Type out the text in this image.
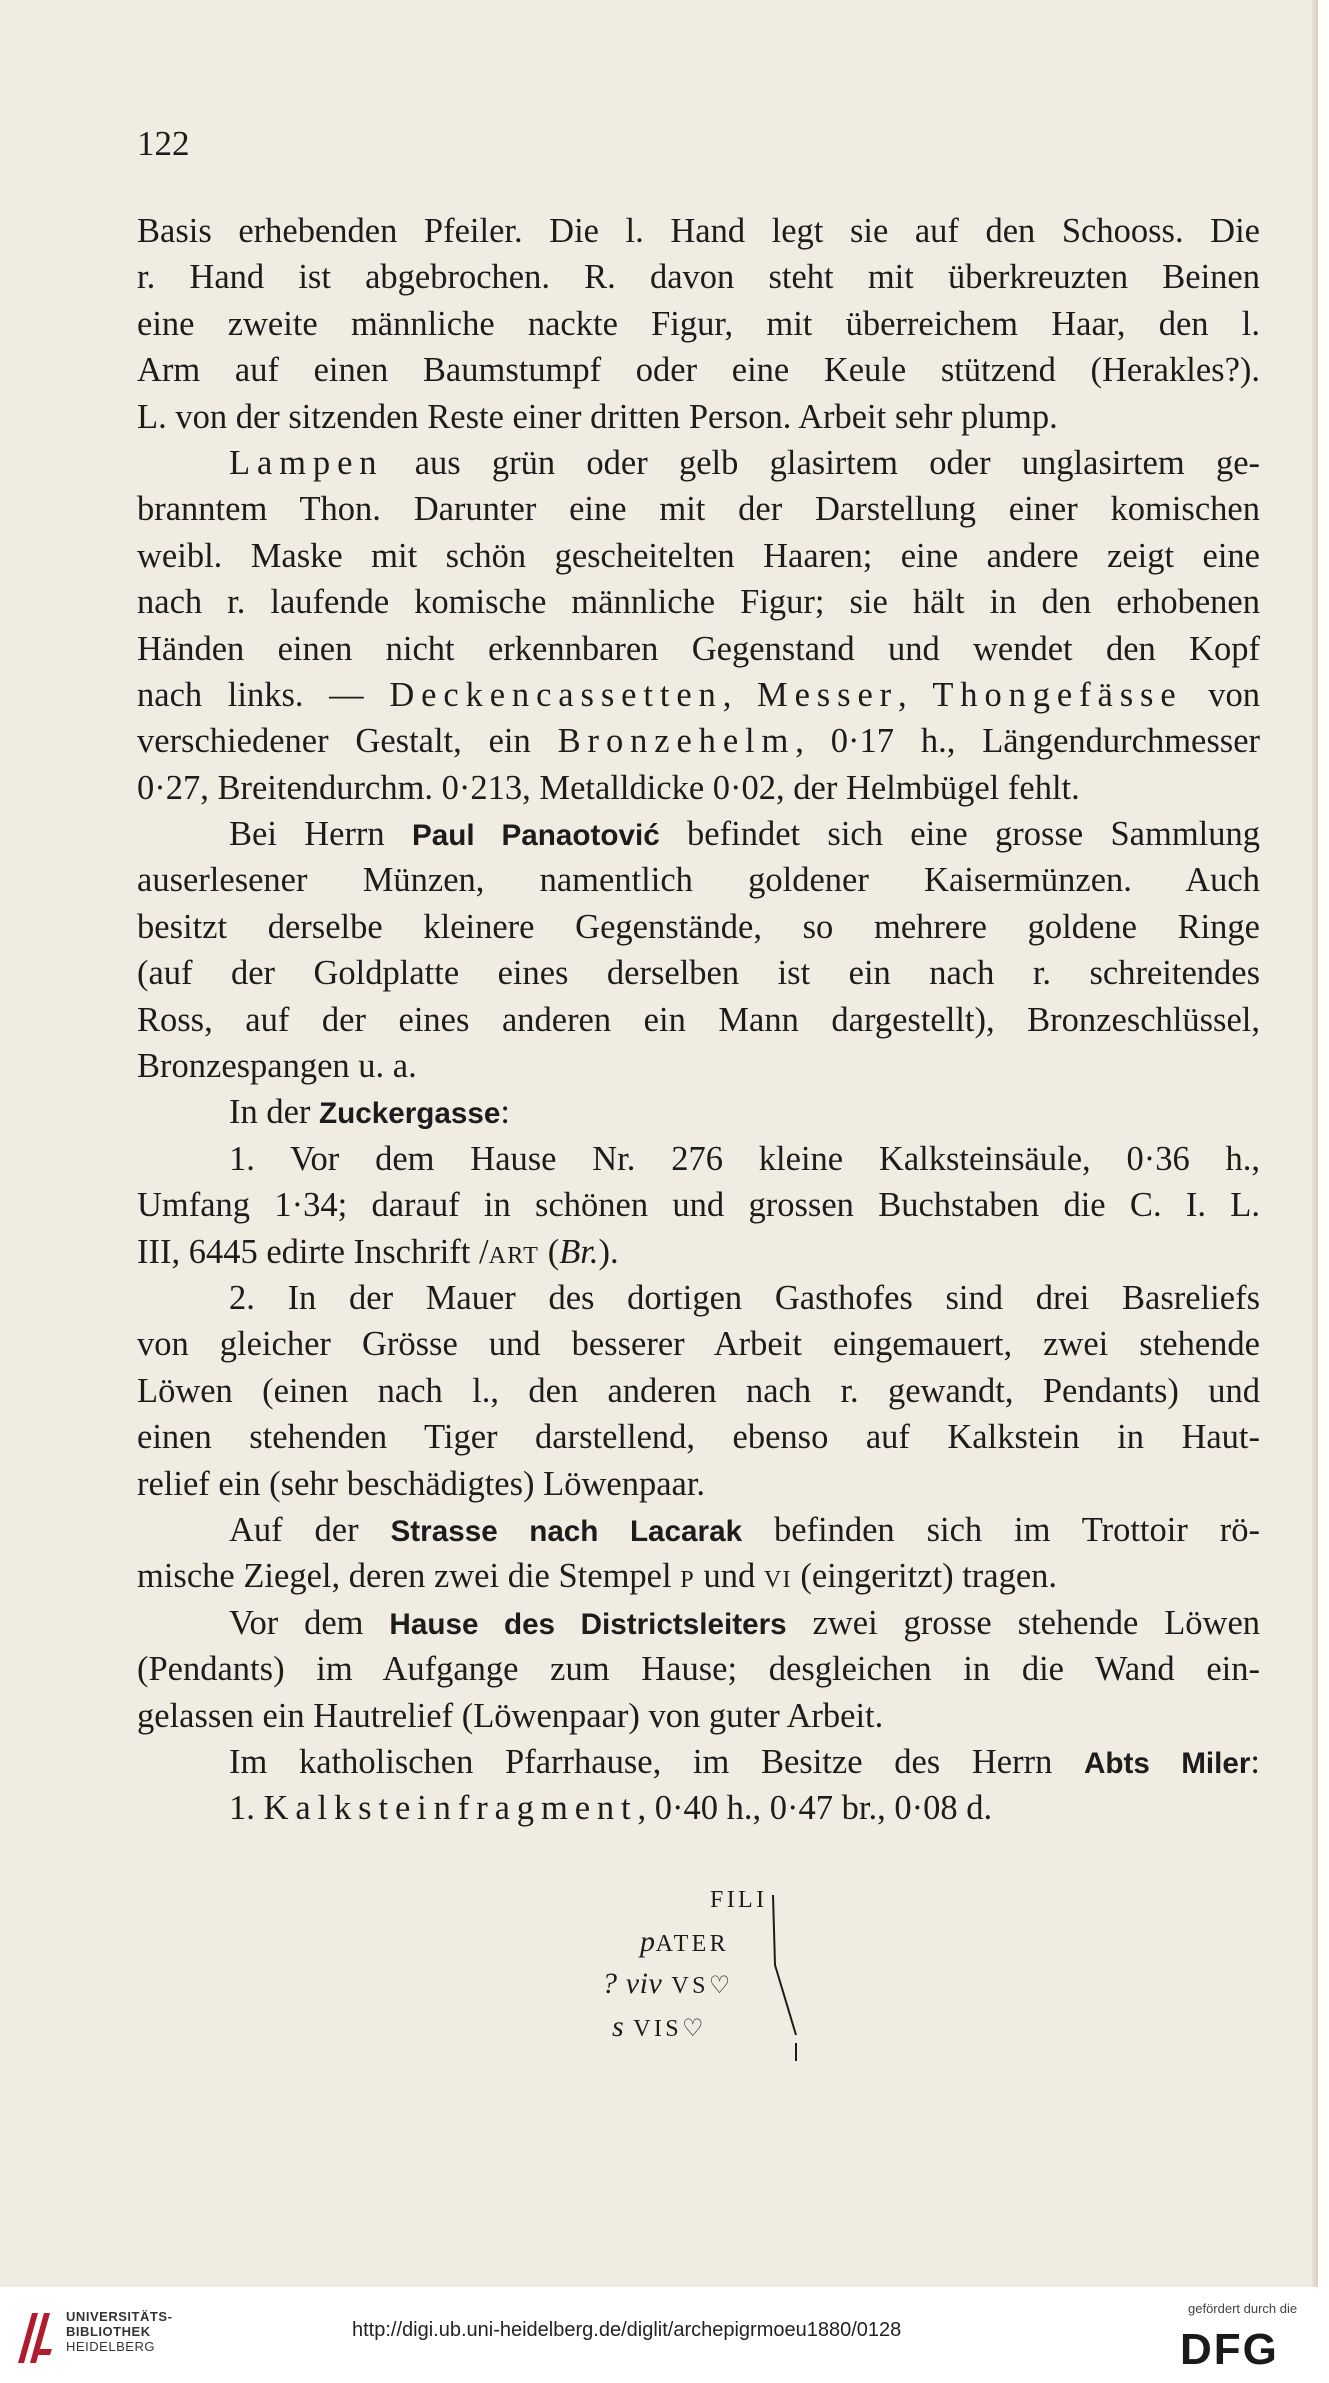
122
Basis erhebenden Pfeiler. Die l. Hand legt sie auf den Schooss. Die
r. Hand ist abgebrochen. R. davon steht mit überkreuzten Beinen
eine zweite männliche nackte Figur, mit überreichem Haar, den l.
Arm auf einen Baumstumpf oder eine Keule stützend (Herakles?).
L. von der sitzenden Reste einer dritten Person. Arbeit sehr plump.
Lampen aus grün oder gelb glasirtem oder unglasirtem ge-
branntem Thon. Darunter eine mit der Darstellung einer komischen
weibl. Maske mit schön gescheitelten Haaren; eine andere zeigt eine
nach r. laufende komische männliche Figur; sie hält in den erhobenen
Händen einen nicht erkennbaren Gegenstand und wendet den Kopf
nach links. — Deckencassetten, Messer, Thongefässe von
verschiedener Gestalt, ein Bronzehelm, 0·17 h., Längendurchmesser
0·27, Breitendurchm. 0·213, Metalldicke 0·02, der Helmbügel fehlt.
Bei Herrn Paul Panaotović befindet sich eine grosse Sammlung
auserlesener Münzen, namentlich goldener Kaisermünzen. Auch
besitzt derselbe kleinere Gegenstände, so mehrere goldene Ringe
(auf der Goldplatte eines derselben ist ein nach r. schreitendes
Ross, auf der eines anderen ein Mann dargestellt), Bronzeschlüssel,
Bronzespangen u. a.
In der Zuckergasse:
1. Vor dem Hause Nr. 276 kleine Kalksteinsäule, 0·36 h.,
Umfang 1·34; darauf in schönen und grossen Buchstaben die C. I. L.
III, 6445 edirte Inschrift /ART (Br.).
2. In der Mauer des dortigen Gasthofes sind drei Basreliefs
von gleicher Grösse und besserer Arbeit eingemauert, zwei stehende
Löwen (einen nach l., den anderen nach r. gewandt, Pendants) und
einen stehenden Tiger darstellend, ebenso auf Kalkstein in Haut-
relief ein (sehr beschädigtes) Löwenpaar.
Auf der Strasse nach Lacarak befinden sich im Trottoir rö-
mische Ziegel, deren zwei die Stempel P und VI (eingeritzt) tragen.
Vor dem Hause des Districtsleiters zwei grosse stehende Löwen
(Pendants) im Aufgange zum Hause; desgleichen in die Wand ein-
gelassen ein Hautrelief (Löwenpaar) von guter Arbeit.
Im katholischen Pfarrhause, im Besitze des Herrn Abts Miler:
1. Kalksteinfragment, 0·40 h., 0·47 br., 0·08 d.
FILI
pATER
? viv VS♡
s VIS♡
UNIVERSITÄTS-
BIBLIOTHEK
HEIDELBERG
http://digi.ub.uni-heidelberg.de/diglit/archepigrmoeu1880/0128
gefördert durch die
DFG
